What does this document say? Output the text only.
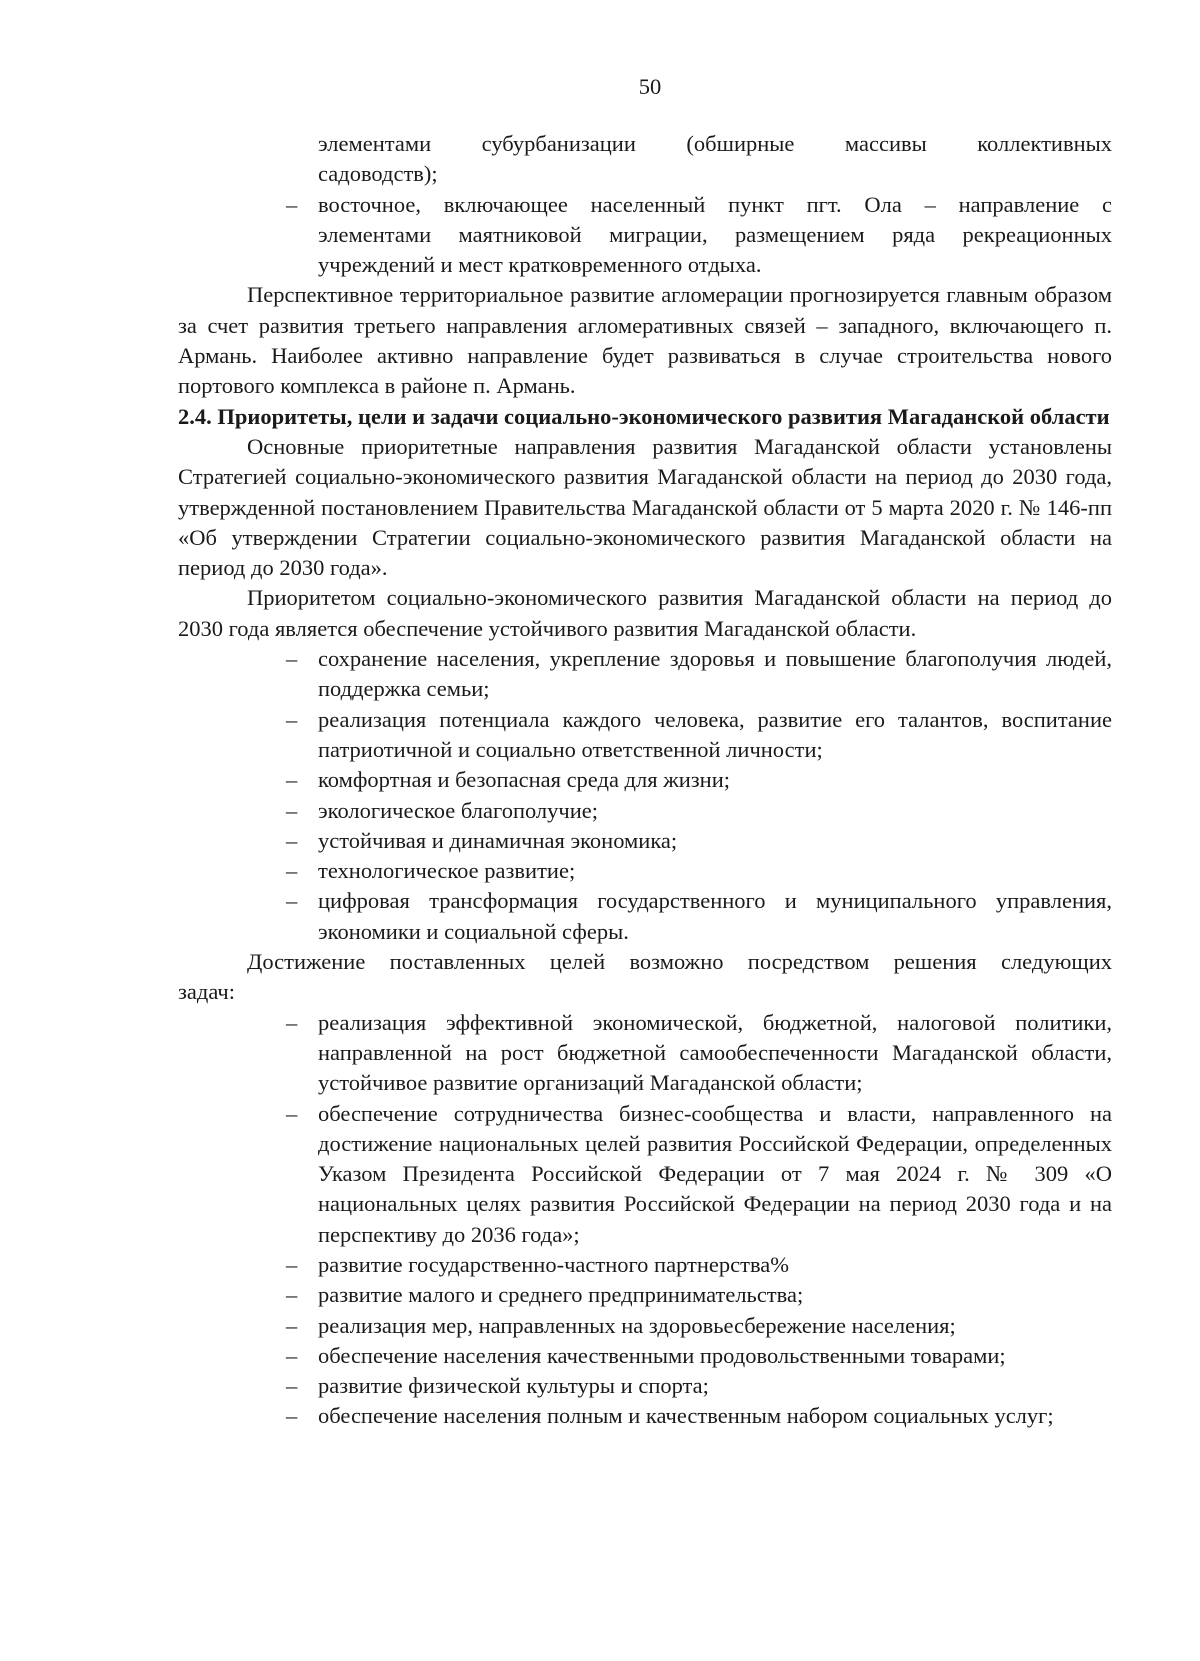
50

элементами субурбанизации (обширные массивы коллективных

садоводств);

– восточное, включающее населенный пункт пгт. Ола – направление с
элементами маятниковой миграции, размещением ряда рекреационных
учреждений и мест кратковременного отдыха.

Перспективное территориальное развитие агломерации прогнозируется главным образом за счет развития третьего направления агломеративных связей – западного, включающего п. Армань. Наиболее активно направление будет развиваться в случае строительства нового портового комплекса в районе п. Армань.

2.4. Приоритеты, цели и задачи социально-экономического развития Магаданской области

Основные приоритетные направления развития Магаданской области установлены Стратегией социально-экономического развития Магаданской области на период до 2030 года, утвержденной постановлением Правительства Магаданской области от 5 марта 2020 г. № 146-пп «Об утверждении Стратегии социально-экономического развития Магаданской области на период до 2030 года».

Приоритетом социально-экономического развития Магаданской области на период до 2030 года является обеспечение устойчивого развития Магаданской области.

– сохранение населения, укрепление здоровья и повышение благополучия людей, поддержка семьи;
– реализация потенциала каждого человека, развитие его талантов, воспитание патриотичной и социально ответственной личности;
– комфортная и безопасная среда для жизни;
– экологическое благополучие;
– устойчивая и динамичная экономика;
– технологическое развитие;
– цифровая трансформация государственного и муниципального управления, экономики и социальной сферы.

Достижение поставленных целей возможно посредством решения следующих

задач:

– реализация эффективной экономической, бюджетной, налоговой политики, направленной на рост бюджетной самообеспеченности Магаданской области, устойчивое развитие организаций Магаданской области;
– обеспечение сотрудничества бизнес-сообщества и власти, направленного на достижение национальных целей развития Российской Федерации, определенных Указом Президента Российской Федерации от 7 мая 2024 г. № 309 «О национальных целях развития Российской Федерации на период 2030 года и на перспективу до 2036 года»;
– развитие государственно-частного партнерства%
– развитие малого и среднего предпринимательства;
– реализация мер, направленных на здоровьесбережение населения;
– обеспечение населения качественными продовольственными товарами;
– развитие физической культуры и спорта;
– обеспечение населения полным и качественным набором социальных услуг;
